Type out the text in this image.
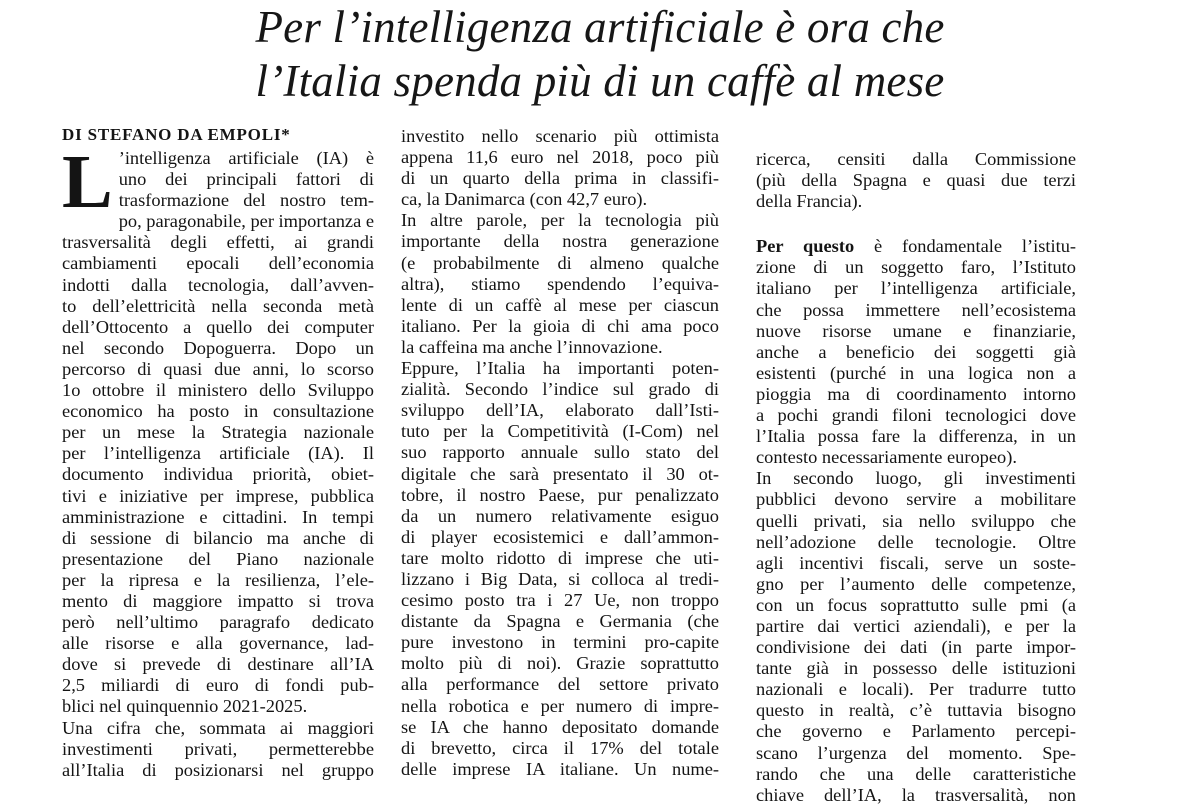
Per l’intelligenza artificiale è ora che
l’Italia spenda più di un caffè al mese
DI STEFANO DA EMPOLI*
L ’intelligenza artificiale (IA) è
uno dei principali fattori di
trasformazione del nostro tem-
po, paragonabile, per importanza e
trasversalità degli effetti, ai grandi
cambiamenti epocali dell’economia
indotti dalla tecnologia, dall’avven-
to dell’elettricità nella seconda metà
dell’Ottocento a quello dei computer
nel secondo Dopoguerra. Dopo un
percorso di quasi due anni, lo scorso
1o ottobre il ministero dello Sviluppo
economico ha posto in consultazione
per un mese la Strategia nazionale
per l’intelligenza artificiale (IA). Il
documento individua priorità, obiet-
tivi e iniziative per imprese, pubblica
amministrazione e cittadini. In tempi
di sessione di bilancio ma anche di
presentazione del Piano nazionale
per la ripresa e la resilienza, l’ele-
mento di maggiore impatto si trova
però nell’ultimo paragrafo dedicato
alle risorse e alla governance, lad-
dove si prevede di destinare all’IA
2,5 miliardi di euro di fondi pub-
blici nel quinquennio 2021-2025.
Una cifra che, sommata ai maggiori
investimenti privati, permetterebbe
all’Italia di posizionarsi nel gruppo
investito nello scenario più ottimista
appena 11,6 euro nel 2018, poco più
di un quarto della prima in classifi-
ca, la Danimarca (con 42,7 euro).
In altre parole, per la tecnologia più
importante della nostra generazione
(e probabilmente di almeno qualche
altra), stiamo spendendo l’equiva-
lente di un caffè al mese per ciascun
italiano. Per la gioia di chi ama poco
la caffeina ma anche l’innovazione.
Eppure, l’Italia ha importanti poten-
zialità. Secondo l’indice sul grado di
sviluppo dell’IA, elaborato dall’Isti-
tuto per la Competitività (I-Com) nel
suo rapporto annuale sullo stato del
digitale che sarà presentato il 30 ot-
tobre, il nostro Paese, pur penalizzato
da un numero relativamente esiguo
di player ecosistemici e dall’ammon-
tare molto ridotto di imprese che uti-
lizzano i Big Data, si colloca al tredi-
cesimo posto tra i 27 Ue, non troppo
distante da Spagna e Germania (che
pure investono in termini pro-capite
molto più di noi). Grazie soprattutto
alla performance del settore privato
nella robotica e per numero di impre-
se IA che hanno depositato domande
di brevetto, circa il 17% del totale
delle imprese IA italiane. Un nume-
ricerca, censiti dalla Commissione
(più della Spagna e quasi due terzi
della Francia).
Per questo è fondamentale l’istitu-
zione di un soggetto faro, l’Istituto
italiano per l’intelligenza artificiale,
che possa immettere nell’ecosistema
nuove risorse umane e finanziarie,
anche a beneficio dei soggetti già
esistenti (purché in una logica non a
pioggia ma di coordinamento intorno
a pochi grandi filoni tecnologici dove
l’Italia possa fare la differenza, in un
contesto necessariamente europeo).
In secondo luogo, gli investimenti
pubblici devono servire a mobilitare
quelli privati, sia nello sviluppo che
nell’adozione delle tecnologie. Oltre
agli incentivi fiscali, serve un soste-
gno per l’aumento delle competenze,
con un focus soprattutto sulle pmi (a
partire dai vertici aziendali), e per la
condivisione dei dati (in parte impor-
tante già in possesso delle istituzioni
nazionali e locali). Per tradurre tutto
questo in realtà, c’è tuttavia bisogno
che governo e Parlamento percepi-
scano l’urgenza del momento. Spe-
rando che una delle caratteristiche
chiave dell’IA, la trasversalità, non
